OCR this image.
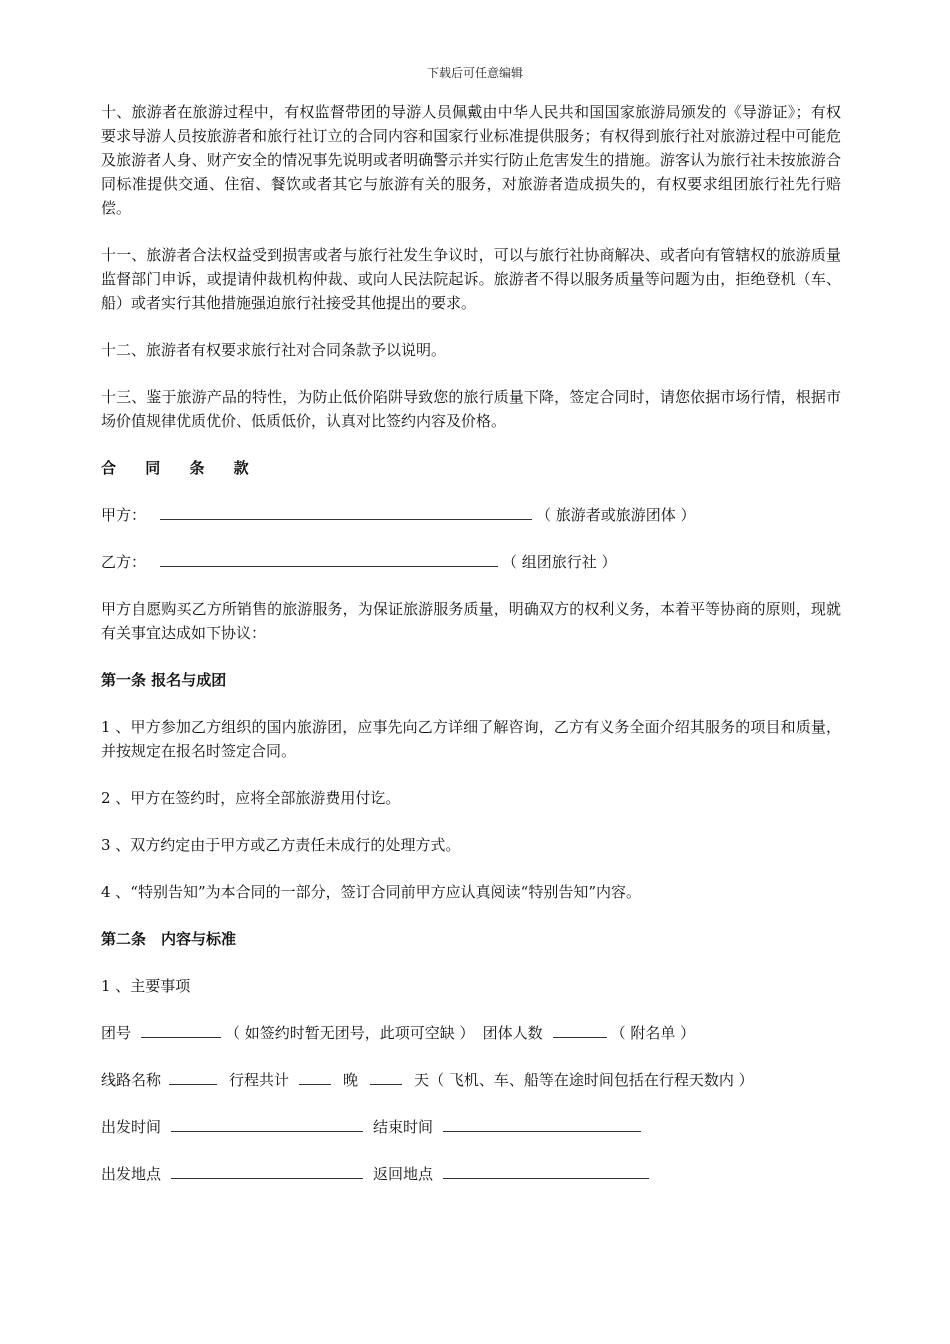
下载后可任意编辑

十、旅游者在旅游过程中，有权监督带团的导游人员佩戴由中华人民共和国国家旅游局颁发的《导游证》；有权要求导游人员按旅游者和旅行社订立的合同内容和国家行业标准提供服务；有权得到旅行社对旅游过程中可能危及旅游者人身、财产安全的情况事先说明或者明确警示并实行防止危害发生的措施。游客认为旅行社未按旅游合同标准提供交通、住宿、餐饮或者其它与旅游有关的服务，对旅游者造成损失的，有权要求组团旅行社先行赔偿。

十一、旅游者合法权益受到损害或者与旅行社发生争议时，可以与旅行社协商解决、或者向有管辖权的旅游质量监督部门申诉，或提请仲裁机构仲裁、或向人民法院起诉。旅游者不得以服务质量等问题为由，拒绝登机（车、船）或者实行其他措施强迫旅行社接受其他提出的要求。

十二、旅游者有权要求旅行社对合同条款予以说明。

十三、鉴于旅游产品的特性，为防止低价陷阱导致您的旅行质量下降，签定合同时，请您依据市场行情，根据市场价值规律优质优价、低质低价，认真对比签约内容及价格。

合 同 条 款

甲方：	（ 旅游者或旅游团体 ）
乙方：	（ 组团旅行社 ）

甲方自愿购买乙方所销售的旅游服务，为保证旅游服务质量，明确双方的权利义务，本着平等协商的原则，现就有关事宜达成如下协议：

第一条 报名与成团

1 、甲方参加乙方组织的国内旅游团，应事先向乙方详细了解咨询，乙方有义务全面介绍其服务的项目和质量，并按规定在报名时签定合同。

2 、甲方在签约时，应将全部旅游费用付讫。

3 、双方约定由于甲方或乙方责任未成行的处理方式。

4 、“特别告知”为本合同的一部分，签订合同前甲方应认真阅读“特别告知”内容。

第二条　内容与标准

1 、主要事项

团号	（ 如签约时暂无团号，此项可空缺 ） 团体人数	（ 附名单 ）
线路名称	行程共计	晚	天 （ 飞机、车、船等在途时间包括在行程天数内 ）
出发时间	结束时间
出发地点	返回地点
